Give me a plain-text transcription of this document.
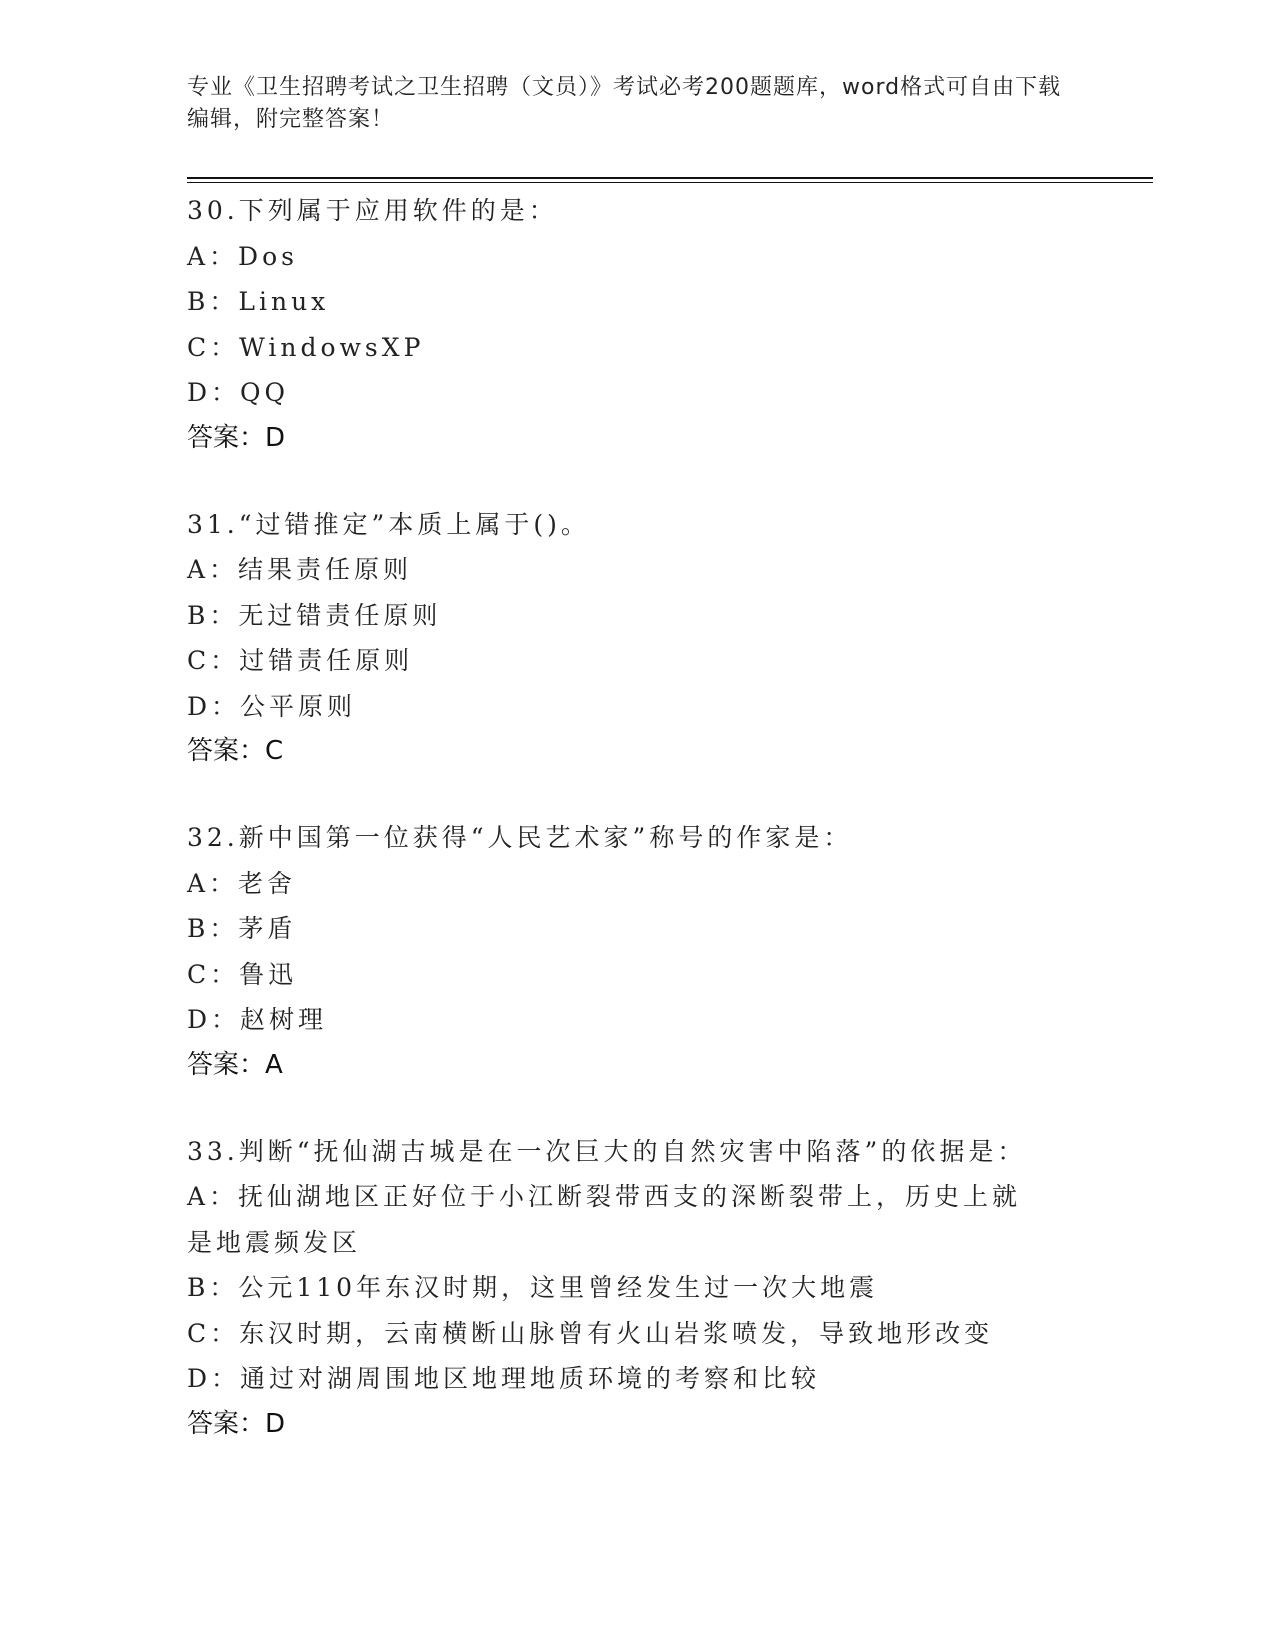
专业《卫生招聘考试之卫生招聘（文员）》考试必考200题题库，word格式可自由下载编辑，附完整答案！
30.下列属于应用软件的是：
A：Dos
B：Linux
C：WindowsXP
D：QQ
答案：D
31.“过错推定”本质上属于()。
A：结果责任原则
B：无过错责任原则
C：过错责任原则
D：公平原则
答案：C
32.新中国第一位获得“人民艺术家”称号的作家是：
A：老舍
B：茅盾
C：鲁迅
D：赵树理
答案：A
33.判断“抚仙湖古城是在一次巨大的自然灾害中陷落”的依据是：
A：抚仙湖地区正好位于小江断裂带西支的深断裂带上，历史上就是地震频发区
B：公元110年东汉时期，这里曾经发生过一次大地震
C：东汉时期，云南横断山脉曾有火山岩浆喷发，导致地形改变
D：通过对湖周围地区地理地质环境的考察和比较
答案：D
